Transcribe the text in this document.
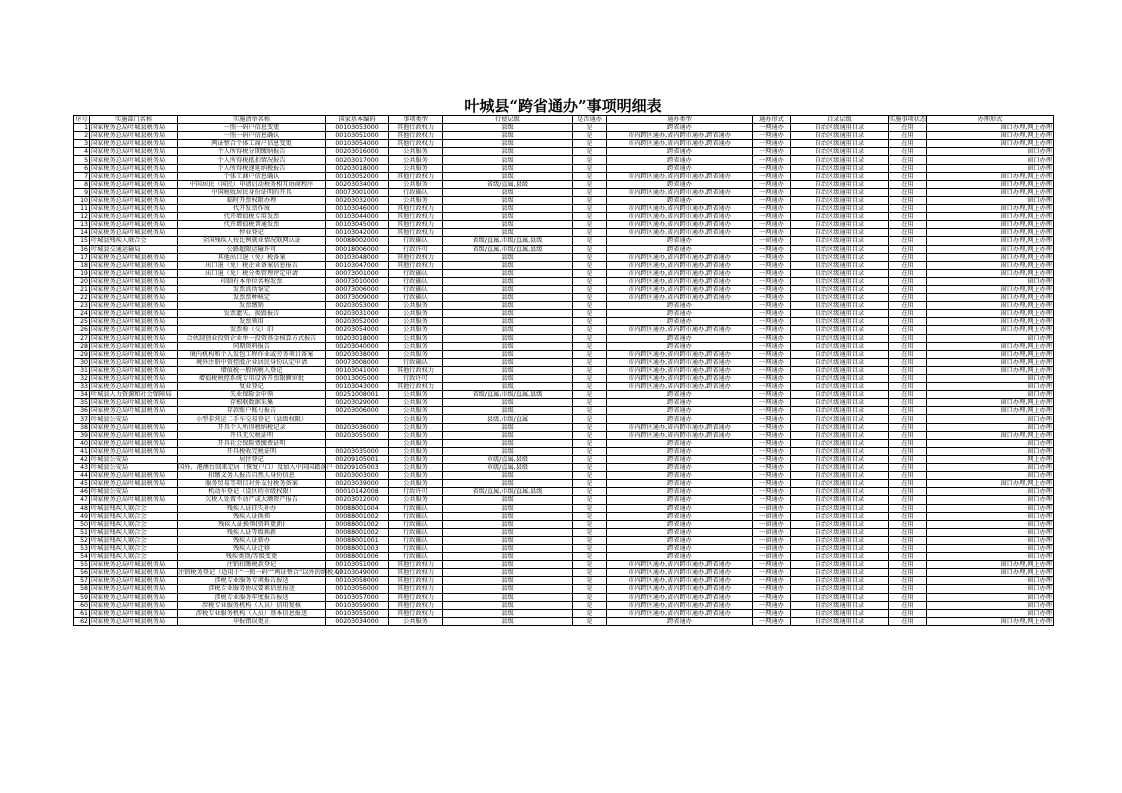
叶城县“跨省通办”事项明细表
序号	实施部门名称	实施清单名称	国家基本编码	事项类型	行使层级	是否通办	通办类型	通办形式	目录层级	实施事项状态	办理形式
1	国家税务总局叶城县税务局	一照一码户信息变更	00103053000	其他行政权力	县级	是	跨省通办	一网通办	自治区级通用目录	在用	窗口办理,网上办理
2	国家税务总局叶城县税务局	一照一码户信息确认	00103051000	其他行政权力	县级	是	市内跨区通办,省内跨市通办,跨省通办	一网通办	自治区级通用目录	在用	窗口办理,网上办理
3	国家税务总局叶城县税务局	两证整合个体工商户信息变更	00103054000	其他行政权力	县级	是	市内跨区通办,省内跨市通办,跨省通办	一网通办	自治区级通用目录	在用	窗口办理,网上办理
4	国家税务总局叶城县税务局	个人所得税分期缴纳报告	00203016000	公共服务	县级	是	跨省通办	一网通办	自治区级通用目录	在用	窗口办理
5	国家税务总局叶城县税务局	个人所得税抵扣情况报告	00203017000	公共服务	县级	是	跨省通办	一网通办	自治区级通用目录	在用	窗口办理
6	国家税务总局叶城县税务局	个人所得税递延纳税报告	00203018000	公共服务	县级	是	跨省通办	一网通办	自治区级通用目录	在用	窗口办理
7	国家税务总局叶城县税务局	个体工商户信息确认	00103052000	其他行政权力	县级	是	市内跨区通办,省内跨市通办,跨省通办	一网通办	自治区级通用目录	在用	窗口办理,网上办理
8	国家税务总局叶城县税务局	中国居民（国民）申请启动税务相互协商程序	00203034000	公共服务	省级/直属,县级	是	跨省通办	一网通办	自治区级通用目录	在用	窗口办理,网上办理
9	国家税务总局叶城县税务局	中国税收居民身份证明的开具	00073001000	行政确认	县级	是	市内跨区通办,省内跨市通办,跨省通办	一网通办	自治区级通用目录	在用	窗口办理,网上办理
10	国家税务总局叶城县税务局	临时开票权限办理	00203032000	公共服务	县级	是	跨省通办	一网通办	自治区级通用目录	在用	窗口办理
11	国家税务总局叶城县税务局	代开发票作废	00103046000	其他行政权力	县级	是	市内跨区通办,省内跨市通办,跨省通办	一网通办	自治区级通用目录	在用	窗口办理,网上办理
12	国家税务总局叶城县税务局	代开增值税专用发票	00103044000	其他行政权力	县级	是	市内跨区通办,省内跨市通办,跨省通办	一网通办	自治区级通用目录	在用	窗口办理,网上办理
13	国家税务总局叶城县税务局	代开增值税普通发票	00103045000	其他行政权力	县级	是	市内跨区通办,省内跨市通办,跨省通办	一网通办	自治区级通用目录	在用	窗口办理,网上办理
14	国家税务总局叶城县税务局	停业登记	00103042000	其他行政权力	县级	是	市内跨区通办,省内跨市通办,跨省通办	一网通办	自治区级通用目录	在用	窗口办理,网上办理
15	叶城县残疾人联合会	全国残疾人按比例就业情况联网认证	00088002000	行政确认	省级/直属,市级/直属,县级	是	跨省通办	一窗通办	自治区级通用目录	在用	窗口办理,网上办理
16	叶城县交通运输局	公路超限运输许可	00018006000	行政许可	省级/直属,市级/直属,县级	是	跨省通办	一网通办	自治区级通用目录	在用	窗口办理,网上办理
17	国家税务总局叶城县税务局	其他出口退（免）税备案	00103048000	其他行政权力	县级	是	市内跨区通办,省内跨市通办,跨省通办	一网通办	自治区级通用目录	在用	窗口办理,网上办理
18	国家税务总局叶城县税务局	出口退（免）税企业备案信息报告	00103047000	其他行政权力	县级	是	市内跨区通办,省内跨市通办,跨省通办	一网通办	自治区级通用目录	在用	窗口办理,网上办理
19	国家税务总局叶城县税务局	出口退（免）税分类管理评定申请	00073001000	行政确认	县级	是	市内跨区通办,省内跨市通办,跨省通办	一网通办	自治区级通用目录	在用	窗口办理,网上办理
20	国家税务总局叶城县税务局	印制有本单位名称发票	00073010000	行政确认	县级	是	市内跨区通办,省内跨市通办,跨省通办	一网通办	自治区级通用目录	在用	窗口办理
21	国家税务总局叶城县税务局	发票真伪鉴定	00073006000	行政确认	县级	是	市内跨区通办,省内跨市通办,跨省通办	一网通办	自治区级通用目录	在用	窗口办理,网上办理
22	国家税务总局叶城县税务局	发票票种核定	00073009000	行政确认	县级	是	市内跨区通办,省内跨市通办,跨省通办	一网通办	自治区级通用目录	在用	窗口办理,网上办理
23	国家税务总局叶城县税务局	发票缴销	00203053000	公共服务	县级	是	跨省通办	一网通办	自治区级通用目录	在用	窗口办理,网上办理
24	国家税务总局叶城县税务局	发票遗失、损毁报告	00203031000	公共服务	县级	是	跨省通办	一网通办	自治区级通用目录	在用	窗口办理,网上办理
25	国家税务总局叶城县税务局	发票领用	00203052000	公共服务	县级	是	跨省通办	一网通办	自治区级通用目录	在用	窗口办理,网上办理
26	国家税务总局叶城县税务局	发票验（交）旧	00203054000	公共服务	县级	是	市内跨区通办,省内跨市通办,跨省通办	一网通办	自治区级通用目录	在用	窗口办理,网上办理
27	国家税务总局叶城县税务局	合伙制创业投资企业单一投资基金核算方式报告	00203018000	公共服务	县级	是	跨省通办	一网通办	自治区级通用目录	在用	窗口办理
28	国家税务总局叶城县税务局	同期资料报告	00203040000	公共服务	县级	是	跨省通办	一网通办	自治区级通用目录	在用	窗口办理,网上办理
29	国家税务总局叶城县税务局	境内机构和个人发包工程作业或劳务项目备案	00203038000	公共服务	县级	是	市内跨区通办,省内跨市通办,跨省通办	一网通办	自治区级通用目录	在用	窗口办理,网上办理
30	国家税务总局叶城县税务局	境外注册中资控股企业居民身份认定申请	00073008000	行政确认	县级	是	市内跨区通办,省内跨市通办,跨省通办	一网通办	自治区级通用目录	在用	窗口办理,网上办理
31	国家税务总局叶城县税务局	增值税一般纳税人登记	00103041000	其他行政权力	县级	是	市内跨区通办,省内跨市通办,跨省通办	一网通办	自治区级通用目录	在用	窗口办理,网上办理
32	国家税务总局叶城县税务局	增值税税控系统专用设备开票限额审批	00013005000	行政许可	县级	是	市内跨区通办,省内跨市通办,跨省通办	一网通办	自治区级通用目录	在用	窗口办理
33	国家税务总局叶城县税务局	复业登记	00103043000	其他行政权力	县级	是	市内跨区通办,省内跨市通办,跨省通办	一网通办	自治区级通用目录	在用	窗口办理
34	叶城县人力资源和社会保障局	失业保险金申领	00251008001	公共服务	省级/直属,市级/直属,县级	是	跨省通办	一网通办	自治区级通用目录	在用	窗口办理
35	国家税务总局叶城县税务局	存根联数据采集	00203029000	公共服务	县级	是	跨省通办	一网通办	自治区级通用目录	在用	窗口办理,网上办理
36	国家税务总局叶城县税务局	存款账户账号报告	00203006000	公共服务	县级	是	跨省通办	一网通办	自治区级通用目录	在用	窗口办理,网上办理
37	叶城县公安局	小型非营运二手车交易登记（县级权限）		公共服务	县级,市级/直属	是	跨省通办	一网通办	自治区级通用目录	在用	窗口办理
38	国家税务总局叶城县税务局	开具个人所得税纳税记录	00203036000	公共服务	县级	是	市内跨区通办,省内跨市通办,跨省通办	一网通办	自治区级通用目录	在用	窗口办理
39	国家税务总局叶城县税务局	开具无欠税证明	00203055000	公共服务	县级	是	市内跨区通办,省内跨市通办,跨省通办	一网通办	自治区级通用目录	在用	窗口办理,网上办理
40	国家税务总局叶城县税务局	开具社会保险费缴费证明		公共服务	县级	是	跨省通办	一网通办	自治区级通用目录	在用	窗口办理
41	国家税务总局叶城县税务局	开具税收完税证明	00203035000	公共服务	县级	是	跨省通办	一网通办	自治区级通用目录	在用	窗口办理
42	叶城县公安局	居住登记	00209105001	公共服务	市级/直属,县级	是	跨省通办	一网通办	自治区级通用目录	在用	网上办理
43	叶城县公安局	国外、港澳台回来定居（恢复户口）及加入中国国籍落户	00209105003	公共服务	市级/直属,县级	是	跨省通办	一网通办	自治区级通用目录	在用	窗口办理
44	国家税务总局叶城县税务局	扣缴义务人报告自然人身份信息	00203003000	公共服务	县级	是	跨省通办	一网通办	自治区级通用目录	在用	窗口办理
45	国家税务总局叶城县税务局	服务贸易等项目对外支付税务备案	00203039000	公共服务	县级	是	跨省通办	一网通办	自治区级通用目录	在用	窗口办理,网上办理
46	叶城县公安局	机动车登记（设区的市级权限）	00010142008	行政许可	省级/直属,市级/直属,县级	是	跨省通办	一网通办	自治区级通用目录	在用	窗口办理
47	国家税务总局叶城县税务局	欠税人处置不动产或大额资产报告	00203012000	公共服务	县级	是	跨省通办	一网通办	自治区级通用目录	在用	窗口办理
48	叶城县残疾人联合会	残疾人证挂失补办	00088001004	行政确认	县级	是	跨省通办	一窗通办	自治区级通用目录	在用	窗口办理
49	叶城县残疾人联合会	残疾人证换领	00088001002	行政确认	县级	是	跨省通办	一窗通办	自治区级通用目录	在用	窗口办理
50	叶城县残疾人联合会	残疾人证换领(资料更新)	00088001002	行政确认	县级	是	跨省通办	一窗通办	自治区级通用目录	在用	窗口办理
51	叶城县残疾人联合会	残疾人证等级换新	00088001002	行政确认	县级	是	跨省通办	一窗通办	自治区级通用目录	在用	窗口办理
52	叶城县残疾人联合会	残疾人证新办	00088001001	行政确认	县级	是	跨省通办	一窗通办	自治区级通用目录	在用	窗口办理
53	叶城县残疾人联合会	残疾人证迁移	00088001003	行政确认	县级	是	跨省通办	一窗通办	自治区级通用目录	在用	窗口办理
54	叶城县残疾人联合会	残疾类别/等级变更	00088001006	行政确认	县级	是	跨省通办	一窗通办	自治区级通用目录	在用	窗口办理
55	国家税务总局叶城县税务局	注销扣缴税款登记	00103051000	其他行政权力	县级	是	市内跨区通办,省内跨市通办,跨省通办	一网通办	自治区级通用目录	在用	窗口办理,网上办理
56	国家税务总局叶城县税务局	注销税务登记（适用于“一照一码”“两证整合”以外的纳税人）	00103049000	其他行政权力	县级	是	市内跨区通办,省内跨市通办,跨省通办	一网通办	自治区级通用目录	在用	窗口办理,网上办理
57	国家税务总局叶城县税务局	涉税专业服务专项报告报送	00103058000	其他行政权力	县级	是	市内跨区通办,省内跨市通办,跨省通办	一网通办	自治区级通用目录	在用	窗口办理
58	国家税务总局叶城县税务局	涉税专业服务协议要素信息报送	00103056000	其他行政权力	县级	是	市内跨区通办,省内跨市通办,跨省通办	一网通办	自治区级通用目录	在用	窗口办理
59	国家税务总局叶城县税务局	涉税专业服务年度报告报送	00103057000	其他行政权力	县级	是	市内跨区通办,省内跨市通办,跨省通办	一网通办	自治区级通用目录	在用	窗口办理
60	国家税务总局叶城县税务局	涉税专业服务机构（人员）信用复核	00103059000	其他行政权力	县级	是	市内跨区通办,省内跨市通办,跨省通办	一网通办	自治区级通用目录	在用	窗口办理
61	国家税务总局叶城县税务局	涉税专业服务机构（人员）基本信息报送	00103055000	其他行政权力	县级	是	市内跨区通办,省内跨市通办,跨省通办	一网通办	自治区级通用目录	在用	窗口办理
62	国家税务总局叶城县税务局	申报错误更正	00203034000	公共服务	县级	是	跨省通办	一网通办	自治区级通用目录	在用	窗口办理,网上办理
